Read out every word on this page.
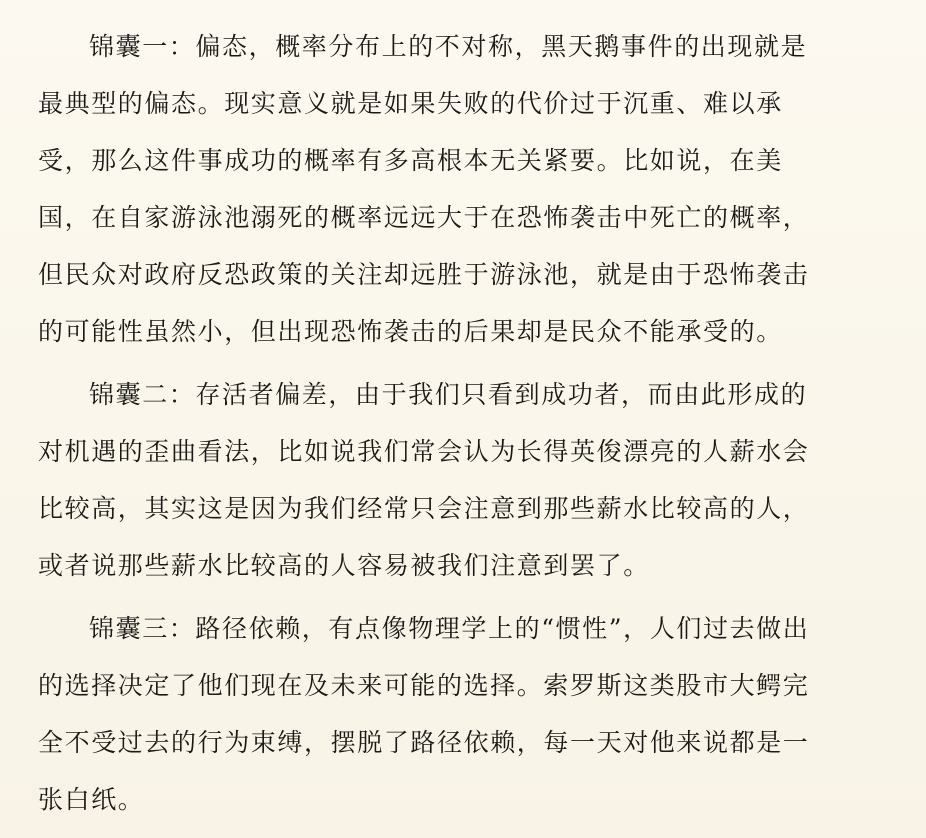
锦囊一：偏态，概率分布上的不对称，黑天鹅事件的出现就是
最典型的偏态。现实意义就是如果失败的代价过于沉重、难以承
受，那么这件事成功的概率有多高根本无关紧要。比如说，在美
国，在自家游泳池溺死的概率远远大于在恐怖袭击中死亡的概率，
但民众对政府反恐政策的关注却远胜于游泳池，就是由于恐怖袭击
的可能性虽然小，但出现恐怖袭击的后果却是民众不能承受的。
锦囊二：存活者偏差，由于我们只看到成功者，而由此形成的
对机遇的歪曲看法，比如说我们常会认为长得英俊漂亮的人薪水会
比较高，其实这是因为我们经常只会注意到那些薪水比较高的人，
或者说那些薪水比较高的人容易被我们注意到罢了。
锦囊三：路径依赖，有点像物理学上的“惯性”，人们过去做出
的选择决定了他们现在及未来可能的选择。索罗斯这类股市大鳄完
全不受过去的行为束缚，摆脱了路径依赖，每一天对他来说都是一
张白纸。
